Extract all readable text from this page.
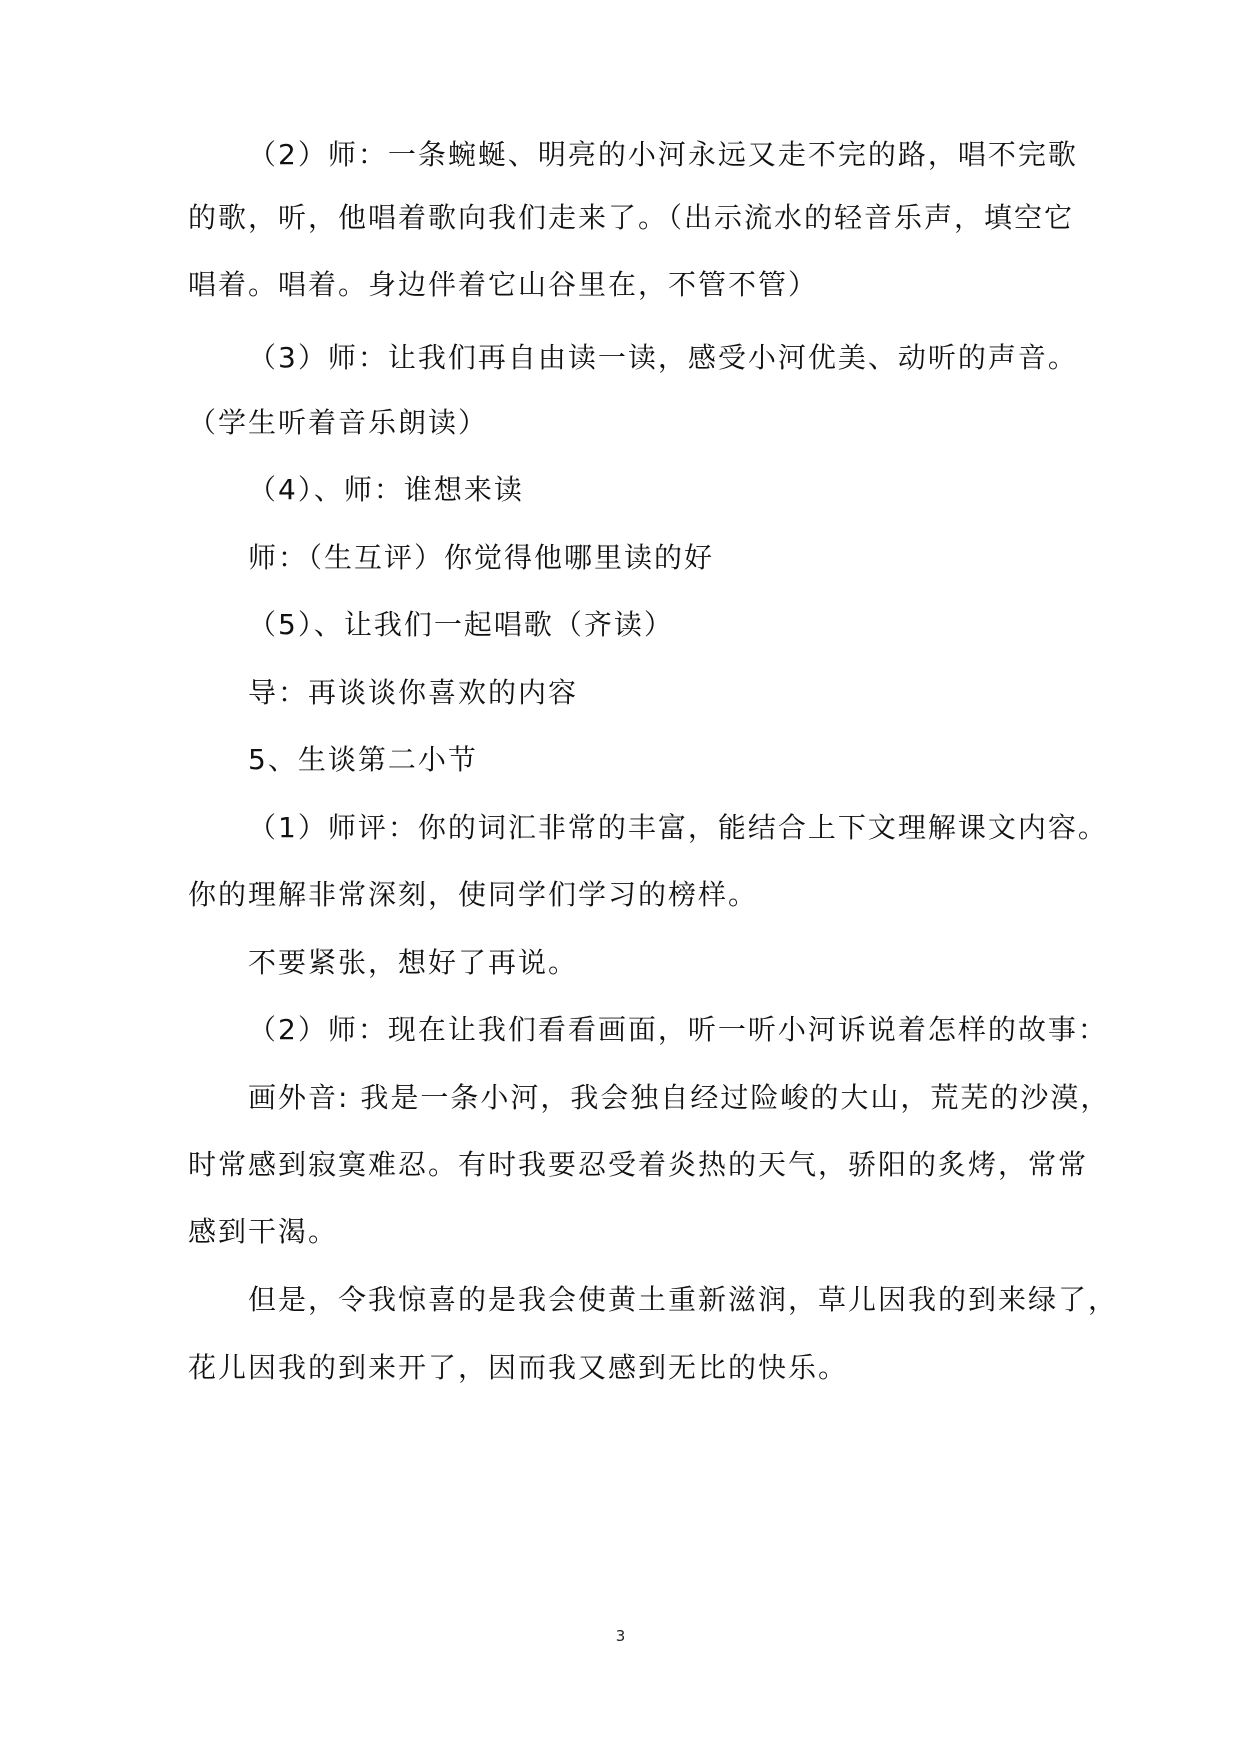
（2）师：一条蜿蜒、明亮的小河永远又走不完的路，唱不完歌
的歌，听，他唱着歌向我们走来了。（出示流水的轻音乐声，填空它
唱着。唱着。身边伴着它山谷里在，不管不管）
（3）师：让我们再自由读一读，感受小河优美、动听的声音。
（学生听着音乐朗读）
（4）、师：谁想来读
师：（生互评）你觉得他哪里读的好
（5）、让我们一起唱歌（齐读）
导：再谈谈你喜欢的内容
5、生谈第二小节
（1）师评：你的词汇非常的丰富，能结合上下文理解课文内容。
你的理解非常深刻，使同学们学习的榜样。
不要紧张，想好了再说。
（2）师：现在让我们看看画面，听一听小河诉说着怎样的故事：
画外音: 我是一条小河，我会独自经过险峻的大山，荒芜的沙漠，
时常感到寂寞难忍。有时我要忍受着炎热的天气，骄阳的炙烤，常常
感到干渴。
但是，令我惊喜的是我会使黄土重新滋润，草儿因我的到来绿了，
花儿因我的到来开了，因而我又感到无比的快乐。
3
